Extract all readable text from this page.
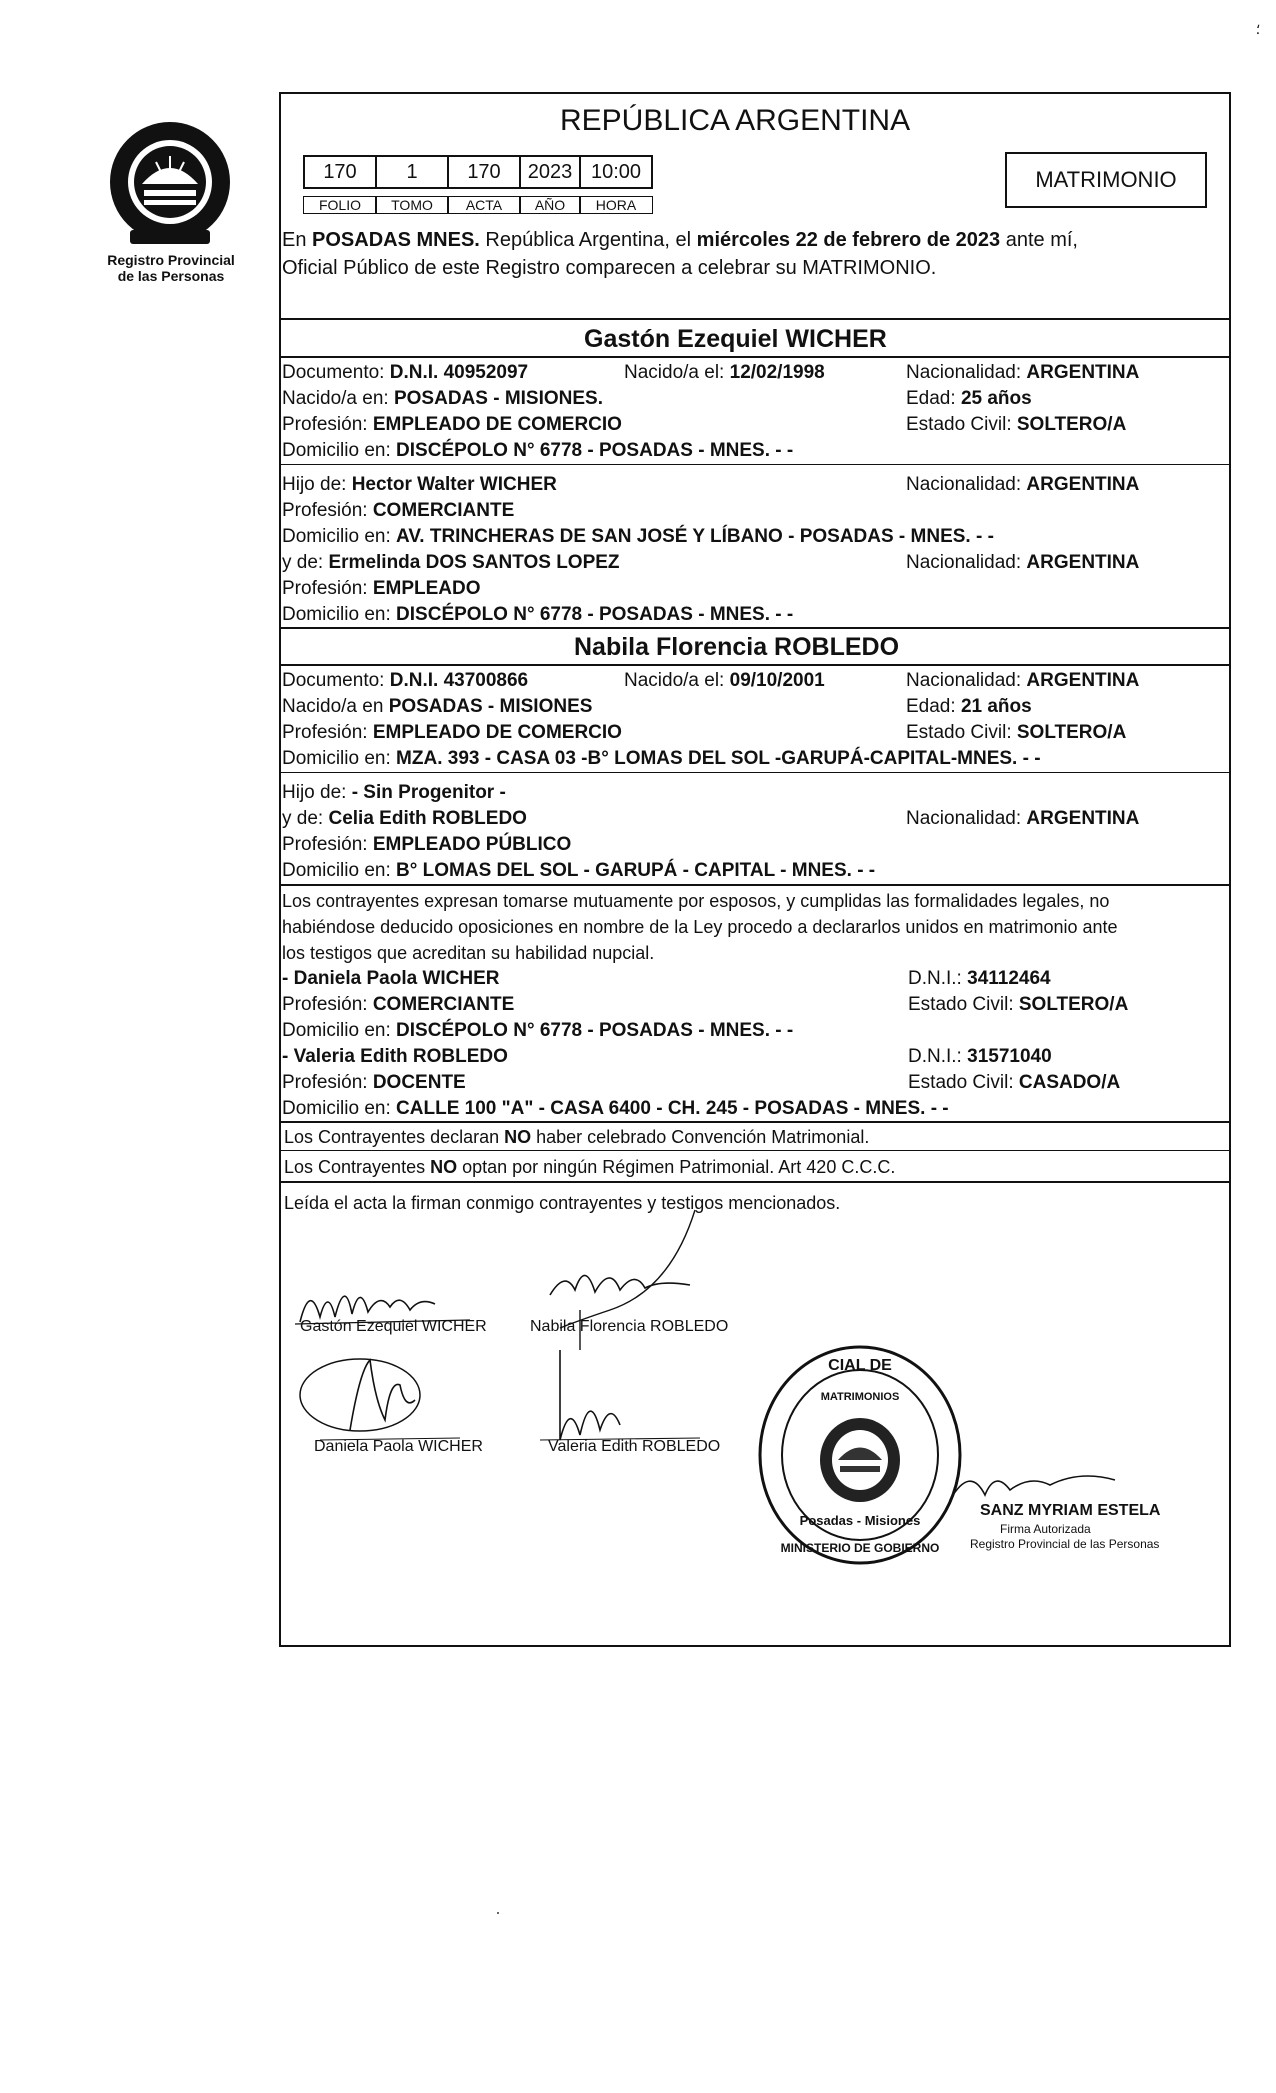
⸵
Registro Provincial
de las Personas
REPÚBLICA ARGENTINA
170	1	170	2023 10:00
FOLIO	TOMO	ACTA	AÑO	HORA
MATRIMONIO
En POSADAS MNES. República Argentina, el miércoles 22 de febrero de 2023 ante mí,
Oficial Público de este Registro comparecen a celebrar su MATRIMONIO.
Gastón Ezequiel WICHER
Documento: D.N.I. 40952097	Nacido/a el: 12/02/1998	Nacionalidad: ARGENTINA
Nacido/a en: POSADAS - MISIONES.	Edad: 25 años
Profesión: EMPLEADO DE COMERCIO	Estado Civil: SOLTERO/A
Domicilio en: DISCÉPOLO N° 6778 - POSADAS - MNES. - -
Hijo de: Hector Walter WICHER	Nacionalidad: ARGENTINA
Profesión: COMERCIANTE
Domicilio en: AV. TRINCHERAS DE SAN JOSÉ Y LÍBANO - POSADAS - MNES. - -
y de: Ermelinda DOS SANTOS LOPEZ	Nacionalidad: ARGENTINA
Profesión: EMPLEADO
Domicilio en: DISCÉPOLO N° 6778 - POSADAS - MNES. - -
Nabila Florencia ROBLEDO
Documento: D.N.I. 43700866	Nacido/a el: 09/10/2001	Nacionalidad: ARGENTINA
Nacido/a en POSADAS - MISIONES	Edad: 21 años
Profesión: EMPLEADO DE COMERCIO	Estado Civil: SOLTERO/A
Domicilio en: MZA. 393 - CASA 03 -B° LOMAS DEL SOL -GARUPÁ-CAPITAL-MNES. - -
Hijo de: - Sin Progenitor -
y de: Celia Edith ROBLEDO	Nacionalidad: ARGENTINA
Profesión: EMPLEADO PÚBLICO
Domicilio en: B° LOMAS DEL SOL - GARUPÁ - CAPITAL - MNES. - -
Los contrayentes expresan tomarse mutuamente por esposos, y cumplidas las formalidades legales, no
habiéndose deducido oposiciones en nombre de la Ley procedo a declararlos unidos en matrimonio ante
los testigos que acreditan su habilidad nupcial.
- Daniela Paola WICHER	D.N.I.: 34112464
Profesión: COMERCIANTE	Estado Civil: SOLTERO/A
Domicilio en: DISCÉPOLO N° 6778 - POSADAS - MNES. - -
- Valeria Edith ROBLEDO	D.N.I.: 31571040
Profesión: DOCENTE	Estado Civil: CASADO/A
Domicilio en: CALLE 100 "A" - CASA 6400 - CH. 245 - POSADAS - MNES. - -
Los Contrayentes declaran NO haber celebrado Convención Matrimonial.
Los Contrayentes NO optan por ningún Régimen Patrimonial. Art 420 C.C.C.
Leída el acta la firman conmigo contrayentes y testigos mencionados.
Gastón Ezequiel WICHER	Nabila Florencia ROBLEDO
Daniela Paola WICHER	Valeria Edith ROBLEDO
CIAL DE
MATRIMONIOS
Posadas - Misiones
MINISTERIO DE GOBIERNO
SANZ MYRIAM ESTELA
Firma Autorizada
Registro Provincial de las Personas
